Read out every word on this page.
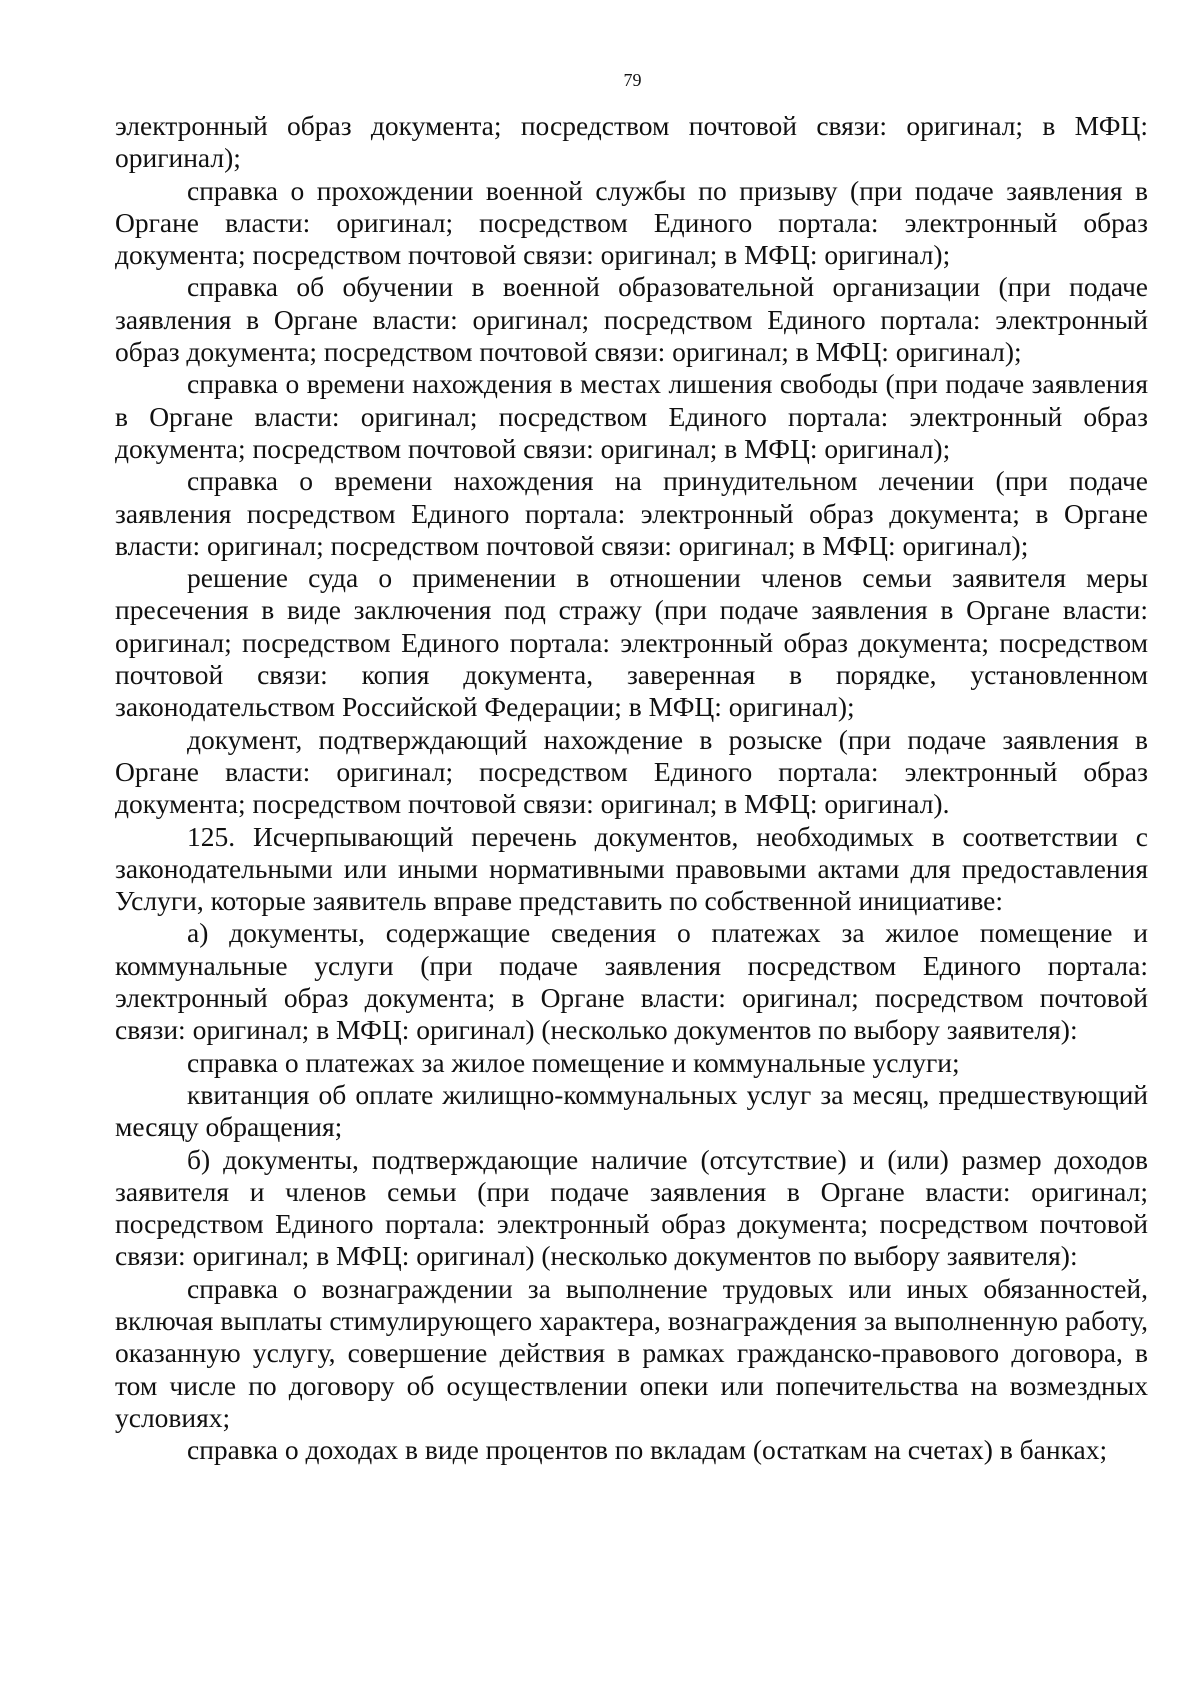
79

электронный образ документа; посредством почтовой связи: оригинал; в МФЦ: оригинал);

справка о прохождении военной службы по призыву (при подаче заявления в Органе власти: оригинал; посредством Единого портала: электронный образ документа; посредством почтовой связи: оригинал; в МФЦ: оригинал);

справка об обучении в военной образовательной организации (при подаче заявления в Органе власти: оригинал; посредством Единого портала: электронный образ документа; посредством почтовой связи: оригинал; в МФЦ: оригинал);

справка о времени нахождения в местах лишения свободы (при подаче заявления в Органе власти: оригинал; посредством Единого портала: электронный образ документа; посредством почтовой связи: оригинал; в МФЦ: оригинал);

справка о времени нахождения на принудительном лечении (при подаче заявления посредством Единого портала: электронный образ документа; в Органе власти: оригинал; посредством почтовой связи: оригинал; в МФЦ: оригинал);

решение суда о применении в отношении членов семьи заявителя меры пресечения в виде заключения под стражу (при подаче заявления в Органе власти: оригинал; посредством Единого портала: электронный образ документа; посредством почтовой связи: копия документа, заверенная в порядке, установленном законодательством Российской Федерации; в МФЦ: оригинал);

документ, подтверждающий нахождение в розыске (при подаче заявления в Органе власти: оригинал; посредством Единого портала: электронный образ документа; посредством почтовой связи: оригинал; в МФЦ: оригинал).

125. Исчерпывающий перечень документов, необходимых в соответствии с законодательными или иными нормативными правовыми актами для предоставления Услуги, которые заявитель вправе представить по собственной инициативе:

а) документы, содержащие сведения о платежах за жилое помещение и коммунальные услуги (при подаче заявления посредством Единого портала: электронный образ документа; в Органе власти: оригинал; посредством почтовой связи: оригинал; в МФЦ: оригинал) (несколько документов по выбору заявителя):

справка о платежах за жилое помещение и коммунальные услуги;

квитанция об оплате жилищно-коммунальных услуг за месяц, предшествующий месяцу обращения;

б) документы, подтверждающие наличие (отсутствие) и (или) размер доходов заявителя и членов семьи (при подаче заявления в Органе власти: оригинал; посредством Единого портала: электронный образ документа; посредством почтовой связи: оригинал; в МФЦ: оригинал) (несколько документов по выбору заявителя):

справка о вознаграждении за выполнение трудовых или иных обязанностей, включая выплаты стимулирующего характера, вознаграждения за выполненную работу, оказанную услугу, совершение действия в рамках гражданско-правового договора, в том числе по договору об осуществлении опеки или попечительства на возмездных условиях;

справка о доходах в виде процентов по вкладам (остаткам на счетах) в банках;
